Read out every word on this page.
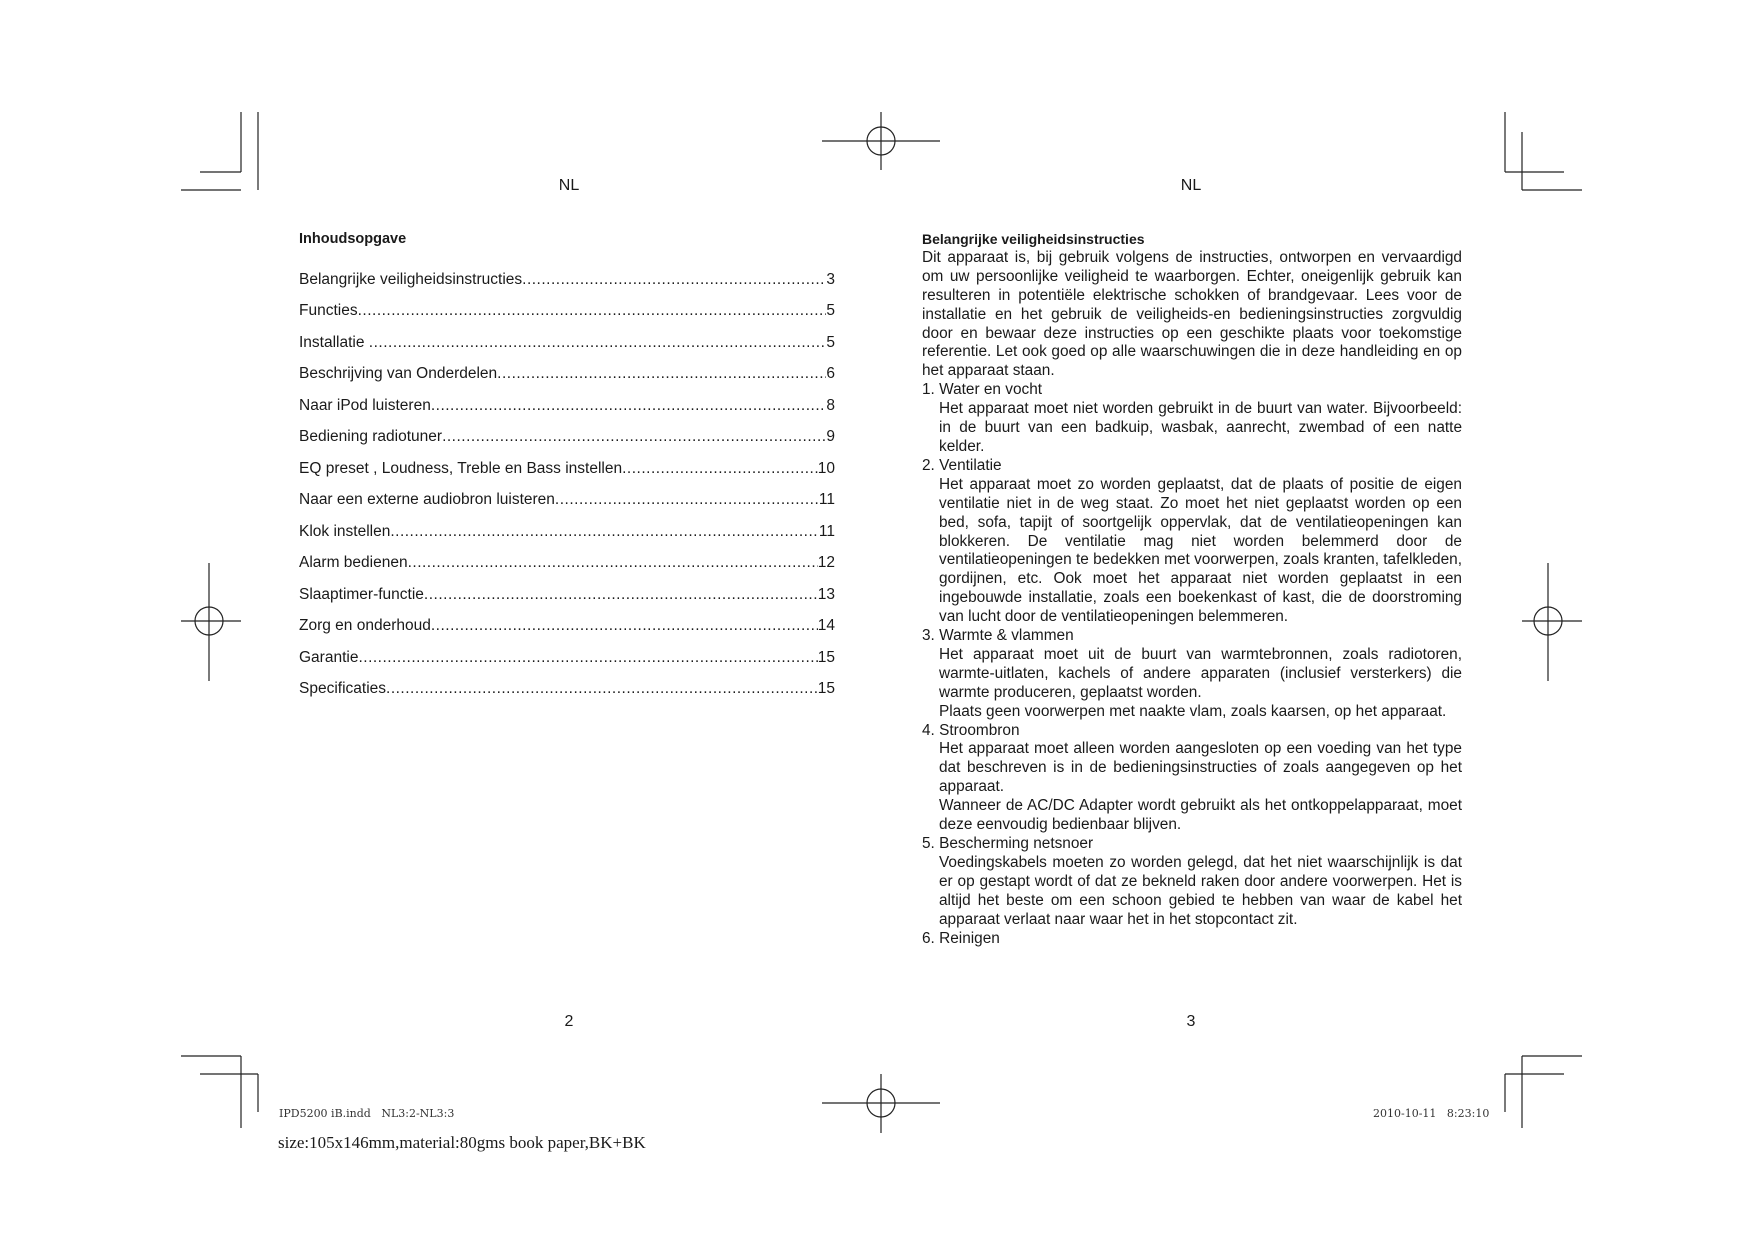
NL
Inhoudsopgave
Belangrijke veiligheidsinstructies .....	3
Functies .....	5
Installatie .....	5
Beschrijving van Onderdelen .....	6
Naar iPod luisteren .....	8
Bediening radiotuner .....	9
EQ preset , Loudness, Treble en Bass instellen .....	10
Naar een externe audiobron luisteren .....	11
Klok instellen .....	11
Alarm bedienen .....	12
Slaaptimer-functie .....	13
Zorg en onderhoud .....	14
Garantie .....	15
Specificaties .....	15
2
NL
Belangrijke veiligheidsinstructies
Dit apparaat is, bij gebruik volgens de instructies, ontworpen en vervaardigd om uw persoonlijke veiligheid te waarborgen. Echter, oneigenlijk gebruik kan resulteren in potentiële elektrische schokken of brandgevaar. Lees voor de installatie en het gebruik de veiligheids-en bedieningsinstructies zorgvuldig door en bewaar deze instructies op een geschikte plaats voor toekomstige referentie. Let ook goed op alle waarschuwingen die in deze handleiding en op het apparaat staan.
1. Water en vocht

Het apparaat moet niet worden gebruikt in de buurt van water. Bijvoorbeeld: in de buurt van een badkuip, wasbak, aanrecht, zwembad of een natte kelder.

2. Ventilatie

Het apparaat moet zo worden geplaatst, dat de plaats of positie de eigen ventilatie niet in de weg staat. Zo moet het niet geplaatst worden op een bed, sofa, tapijt of soortgelijk oppervlak, dat de ventilatieopeningen kan blokkeren. De ventilatie mag niet worden belemmerd door de ventilatieopeningen te bedekken met voorwerpen, zoals kranten, tafelkleden, gordijnen, etc. Ook moet het apparaat niet worden geplaatst in een ingebouwde installatie, zoals een boekenkast of kast, die de doorstroming van lucht door de ventilatieopeningen belemmeren.

3. Warmte & vlammen

Het apparaat moet uit de buurt van warmtebronnen, zoals radiotoren, warmte-uitlaten, kachels of andere apparaten (inclusief versterkers) die warmte produceren, geplaatst worden.

Plaats geen voorwerpen met naakte vlam, zoals kaarsen, op het apparaat.

4. Stroombron

Het apparaat moet alleen worden aangesloten op een voeding van het type dat beschreven is in de bedieningsinstructies of zoals aangegeven op het apparaat.

Wanneer de AC/DC Adapter wordt gebruikt als het ontkoppelapparaat, moet deze eenvoudig bedienbaar blijven.

5. Bescherming netsnoer

Voedingskabels moeten zo worden gelegd, dat het niet waarschijnlijk is dat er op gestapt wordt of dat ze bekneld raken door andere voorwerpen. Het is altijd het beste om een schoon gebied te hebben van waar de kabel het apparaat verlaat naar waar het in het stopcontact zit.

6. Reinigen
3
IPD5200 iB.indd   NL3:2-NL3:3	2010-10-11   8:23:10
size:105x146mm,material:80gms book paper,BK+BK
